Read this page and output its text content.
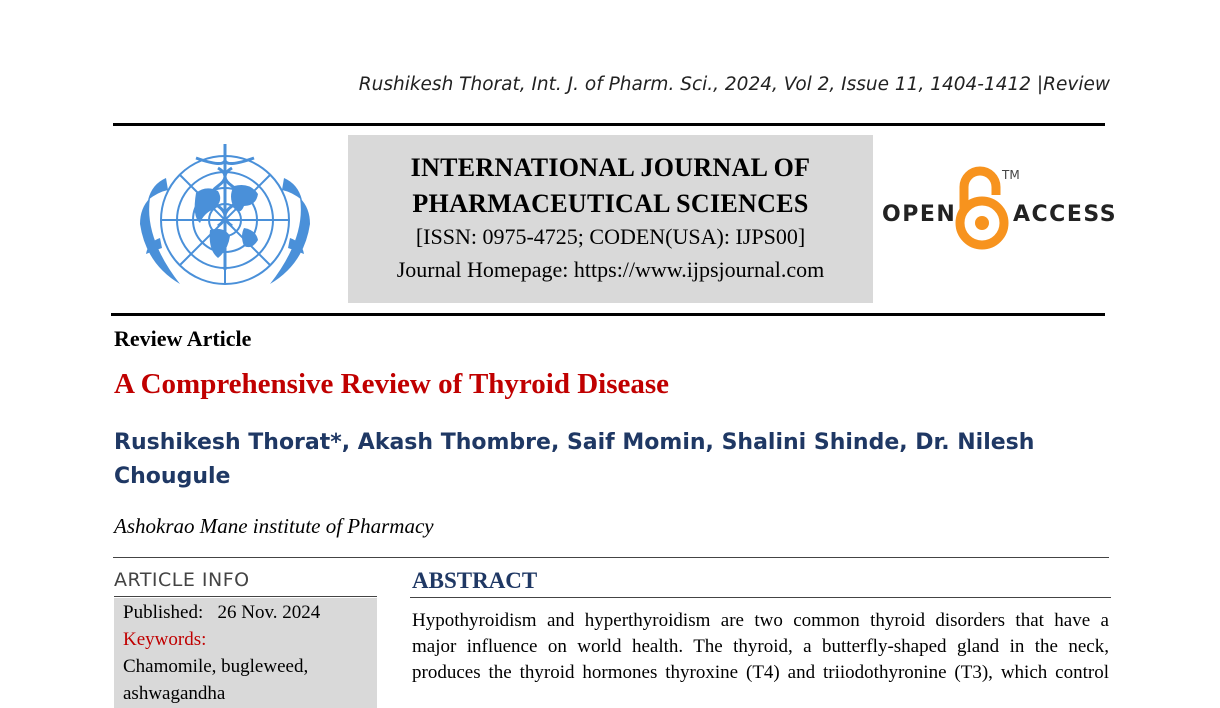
Rushikesh Thorat, Int. J. of Pharm. Sci., 2024, Vol 2, Issue 11, 1404-1412 |Review
INTERNATIONAL JOURNAL OF
PHARMACEUTICAL SCIENCES
[ISSN: 0975-4725; CODEN(USA): IJPS00]
Journal Homepage: https://www.ijpsjournal.com
OPEN
TM
ACCESS
Review Article
A Comprehensive Review of Thyroid Disease
Rushikesh Thorat*, Akash Thombre, Saif Momin, Shalini Shinde, Dr. Nilesh Chougule
Ashokrao Mane institute of Pharmacy
ARTICLE INFO
Published:   26 Nov. 2024
Keywords:
Chamomile, bugleweed, ashwagandha
ABSTRACT
Hypothyroidism and hyperthyroidism are two common thyroid disorders that have a
major influence on world health. The thyroid, a butterfly-shaped gland in the neck,
produces the thyroid hormones thyroxine (T4) and triiodothyronine (T3), which control
